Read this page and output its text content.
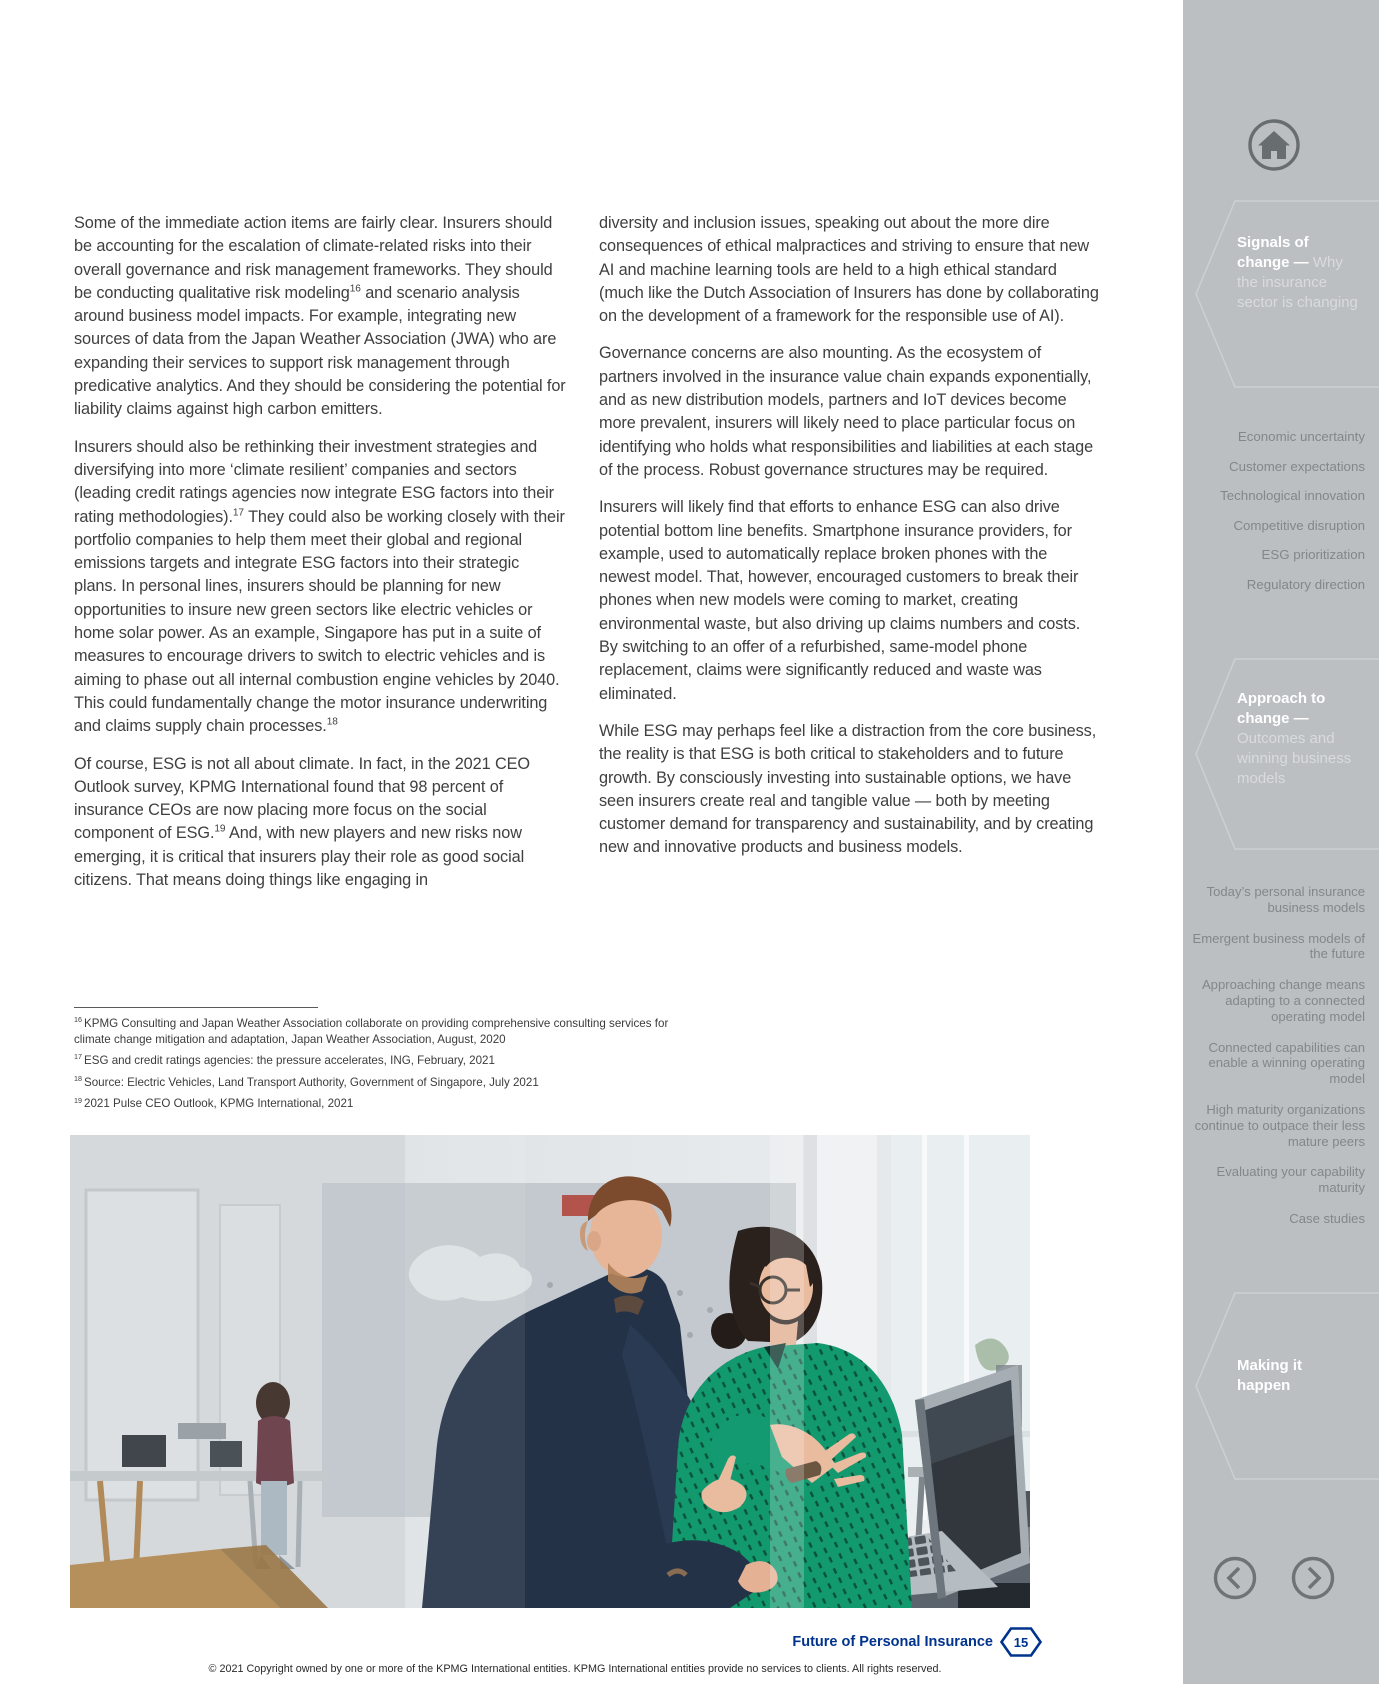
Some of the immediate action items are fairly clear. Insurers should be accounting for the escalation of climate-related risks into their overall governance and risk management frameworks. They should be conducting qualitative risk modeling$^{16}$ and scenario analysis around business model impacts. For example, integrating new sources of data from the Japan Weather Association (JWA) who are expanding their services to support risk management through predicative analytics. And they should be considering the potential for liability claims against high carbon emitters.

Insurers should also be rethinking their investment strategies and diversifying into more ‘climate resilient’ companies and sectors (leading credit ratings agencies now integrate ESG factors into their rating methodologies).$^{17}$ They could also be working closely with their portfolio companies to help them meet their global and regional emissions targets and integrate ESG factors into their strategic plans. In personal lines, insurers should be planning for new opportunities to insure new green sectors like electric vehicles or home solar power. As an example, Singapore has put in a suite of measures to encourage drivers to switch to electric vehicles and is aiming to phase out all internal combustion engine vehicles by 2040. This could fundamentally change the motor insurance underwriting and claims supply chain processes.$^{18}$

Of course, ESG is not all about climate. In fact, in the 2021 CEO Outlook survey, KPMG International found that 98 percent of insurance CEOs are now placing more focus on the social component of ESG.$^{19}$ And, with new players and new risks now emerging, it is critical that insurers play their role as good social citizens. That means doing things like engaging in

diversity and inclusion issues, speaking out about the more dire consequences of ethical malpractices and striving to ensure that new AI and machine learning tools are held to a high ethical standard (much like the Dutch Association of Insurers has done by collaborating on the development of a framework for the responsible use of AI).

Governance concerns are also mounting. As the ecosystem of partners involved in the insurance value chain expands exponentially, and as new distribution models, partners and IoT devices become more prevalent, insurers will likely need to place particular focus on identifying who holds what responsibilities and liabilities at each stage of the process. Robust governance structures may be required.

Insurers will likely find that efforts to enhance ESG can also drive potential bottom line benefits. Smartphone insurance providers, for example, used to automatically replace broken phones with the newest model. That, however, encouraged customers to break their phones when new models were coming to market, creating environmental waste, but also driving up claims numbers and costs. By switching to an offer of a refurbished, same-model phone replacement, claims were significantly reduced and waste was eliminated.

While ESG may perhaps feel like a distraction from the core business, the reality is that ESG is both critical to stakeholders and to future growth. By consciously investing into sustainable options, we have seen insurers create real and tangible value — both by meeting customer demand for transparency and sustainability, and by creating new and innovative products and business models.

$^{16}$ KPMG Consulting and Japan Weather Association collaborate on providing comprehensive consulting services for climate change mitigation and adaptation, Japan Weather Association, August, 2020
$^{17}$ ESG and credit ratings agencies: the pressure accelerates, ING, February, 2021
$^{18}$ Source: Electric Vehicles, Land Transport Authority, Government of Singapore, July 2021
$^{19}$ 2021 Pulse CEO Outlook, KPMG International, 2021
Future of Personal Insurance	15
© 2021 Copyright owned by one or more of the KPMG International entities. KPMG International entities provide no services to clients. All rights reserved.
Signals of change — Why the insurance sector is changing
Economic uncertainty
Customer expectations
Technological innovation
Competitive disruption
ESG prioritization
Regulatory direction
Approach to change — Outcomes and winning business models
Today’s personal insurance business models
Emergent business models of the future
Approaching change means adapting to a connected operating model
Connected capabilities can enable a winning operating model
High maturity organizations continue to outpace their less mature peers
Evaluating your capability maturity
Case studies
Making it happen
